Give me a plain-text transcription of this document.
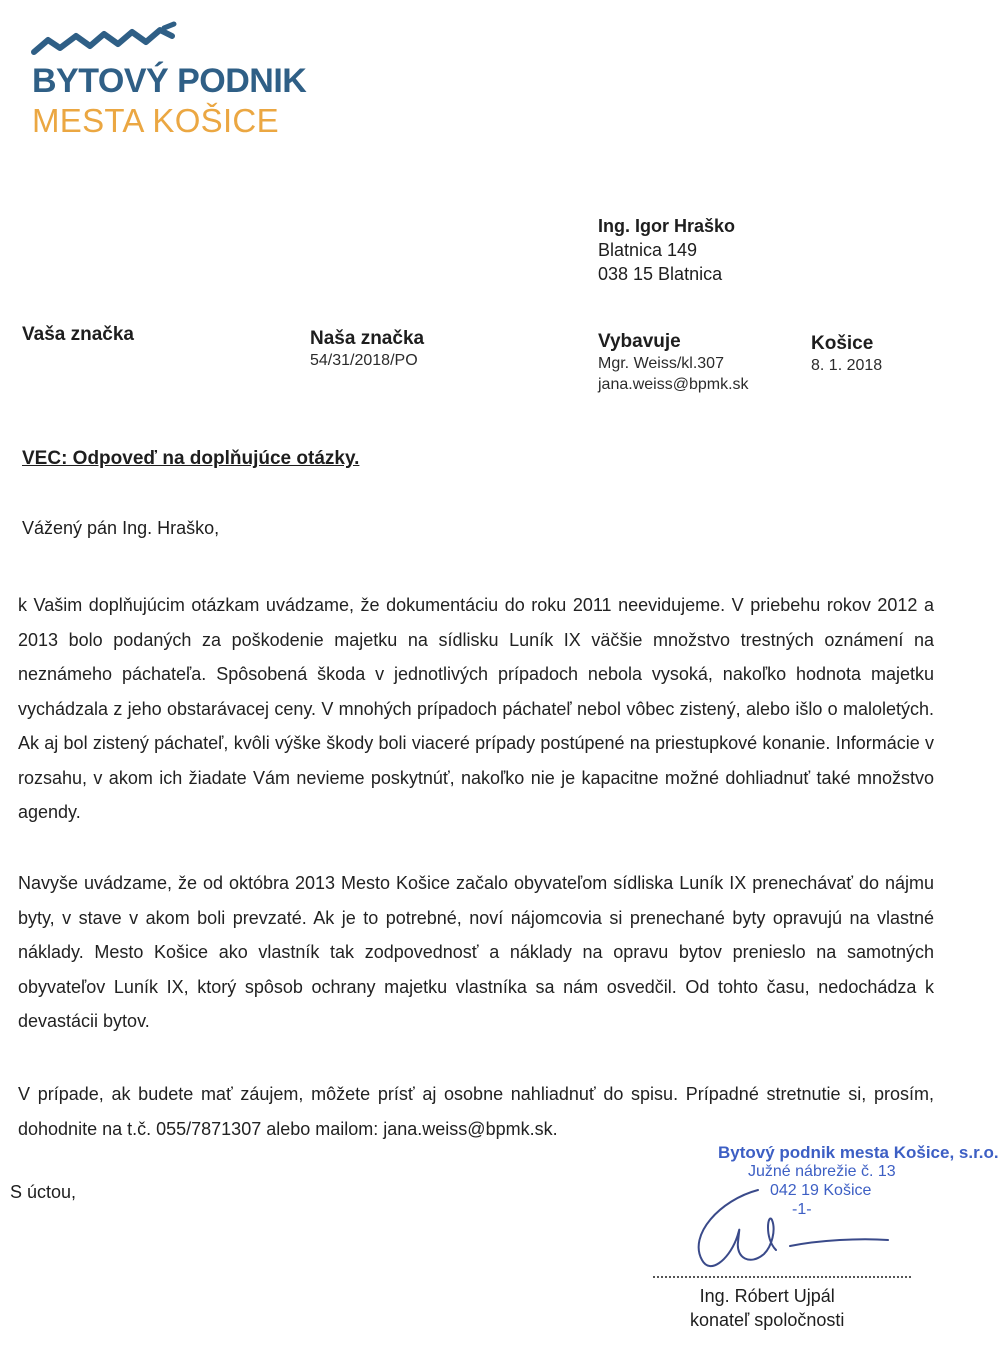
BYTOVÝ PODNIK
MESTA KOŠICE
Ing. Igor Hraško
Blatnica 149
038 15 Blatnica
Vaša značka	Naša značka
54/31/2018/PO
Vybavuje
Mgr. Weiss/kl.307
jana.weiss@bpmk.sk
Košice
8. 1. 2018
VEC: Odpoveď na doplňujúce otázky.
Vážený pán Ing. Hraško,
k Vašim doplňujúcim otázkam uvádzame, že dokumentáciu do roku 2011 neevidujeme. V priebehu rokov 2012 a 2013 bolo podaných za poškodenie majetku na sídlisku Luník IX väčšie množstvo trestných oznámení na neznámeho páchateľa. Spôsobená škoda v jednotlivých prípadoch nebola vysoká, nakoľko hodnota majetku vychádzala z jeho obstarávacej ceny. V mnohých prípadoch páchateľ nebol vôbec zistený, alebo išlo o maloletých. Ak aj bol zistený páchateľ, kvôli výške škody boli viaceré prípady postúpené na priestupkové konanie. Informácie v rozsahu, v akom ich žiadate Vám nevieme poskytnúť, nakoľko nie je kapacitne možné dohliadnuť také množstvo agendy.
Navyše uvádzame, že od októbra 2013 Mesto Košice začalo obyvateľom sídliska Luník IX prenechávať do nájmu byty, v stave v akom boli prevzaté. Ak je to potrebné, noví nájomcovia si prenechané byty opravujú na vlastné náklady. Mesto Košice ako vlastník tak zodpovednosť a náklady na opravu bytov prenieslo na samotných obyvateľov Luník IX, ktorý spôsob ochrany majetku vlastníka sa nám osvedčil. Od tohto času, nedochádza k devastácii bytov.
V prípade, ak budete mať záujem, môžete prísť aj osobne nahliadnuť do spisu. Prípadné stretnutie si, prosím, dohodnite na t.č. 055/7871307 alebo mailom: jana.weiss@bpmk.sk.
S úctou,
Bytový podnik mesta Košice, s.r.o.
Južné nábrežie č. 13
042 19 Košice
-1-
Ing. Róbert Ujpál
konateľ spoločnosti
